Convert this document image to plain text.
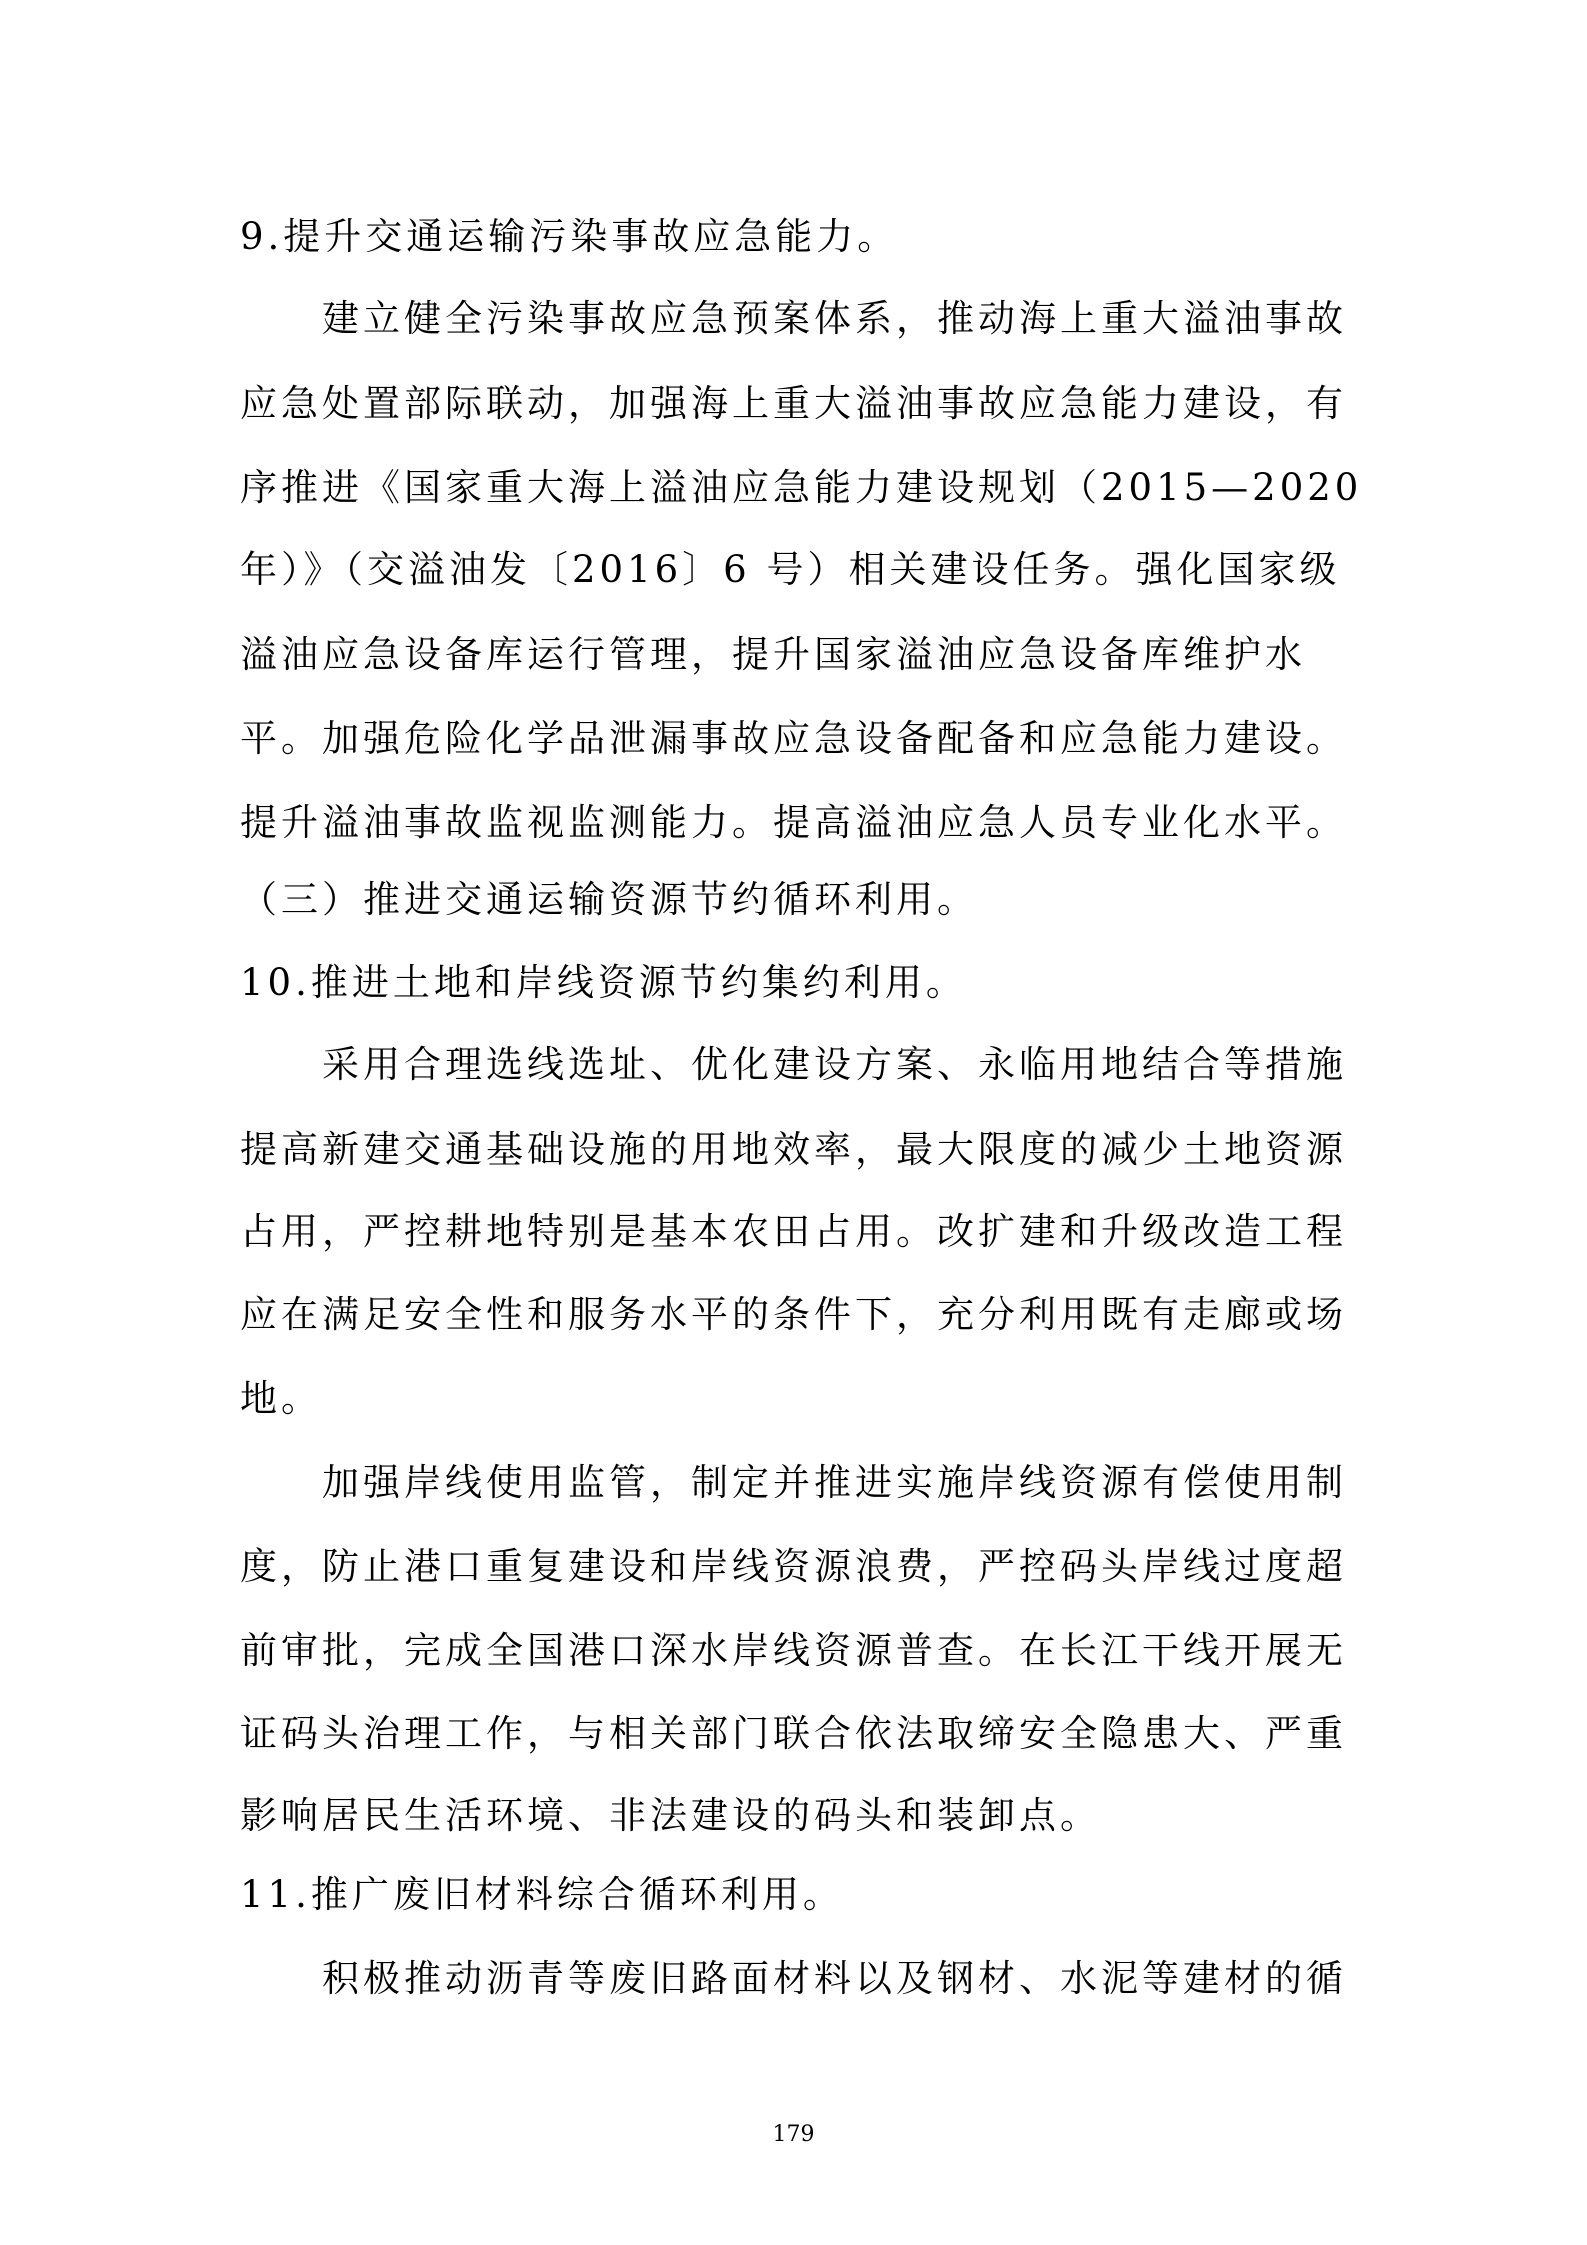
9.提升交通运输污染事故应急能力。
建立健全污染事故应急预案体系，推动海上重大溢油事故
应急处置部际联动，加强海上重大溢油事故应急能力建设，有
序推进《国家重大海上溢油应急能力建设规划（2015—2020
年）》（交溢油发〔2016〕6 号）相关建设任务。强化国家级
溢油应急设备库运行管理，提升国家溢油应急设备库维护水
平。加强危险化学品泄漏事故应急设备配备和应急能力建设。
提升溢油事故监视监测能力。提高溢油应急人员专业化水平。
（三）推进交通运输资源节约循环利用。
10.推进土地和岸线资源节约集约利用。
采用合理选线选址、优化建设方案、永临用地结合等措施
提高新建交通基础设施的用地效率，最大限度的减少土地资源
占用，严控耕地特别是基本农田占用。改扩建和升级改造工程
应在满足安全性和服务水平的条件下，充分利用既有走廊或场
地。
加强岸线使用监管，制定并推进实施岸线资源有偿使用制
度，防止港口重复建设和岸线资源浪费，严控码头岸线过度超
前审批，完成全国港口深水岸线资源普查。在长江干线开展无
证码头治理工作，与相关部门联合依法取缔安全隐患大、严重
影响居民生活环境、非法建设的码头和装卸点。
11.推广废旧材料综合循环利用。
积极推动沥青等废旧路面材料以及钢材、水泥等建材的循
179
